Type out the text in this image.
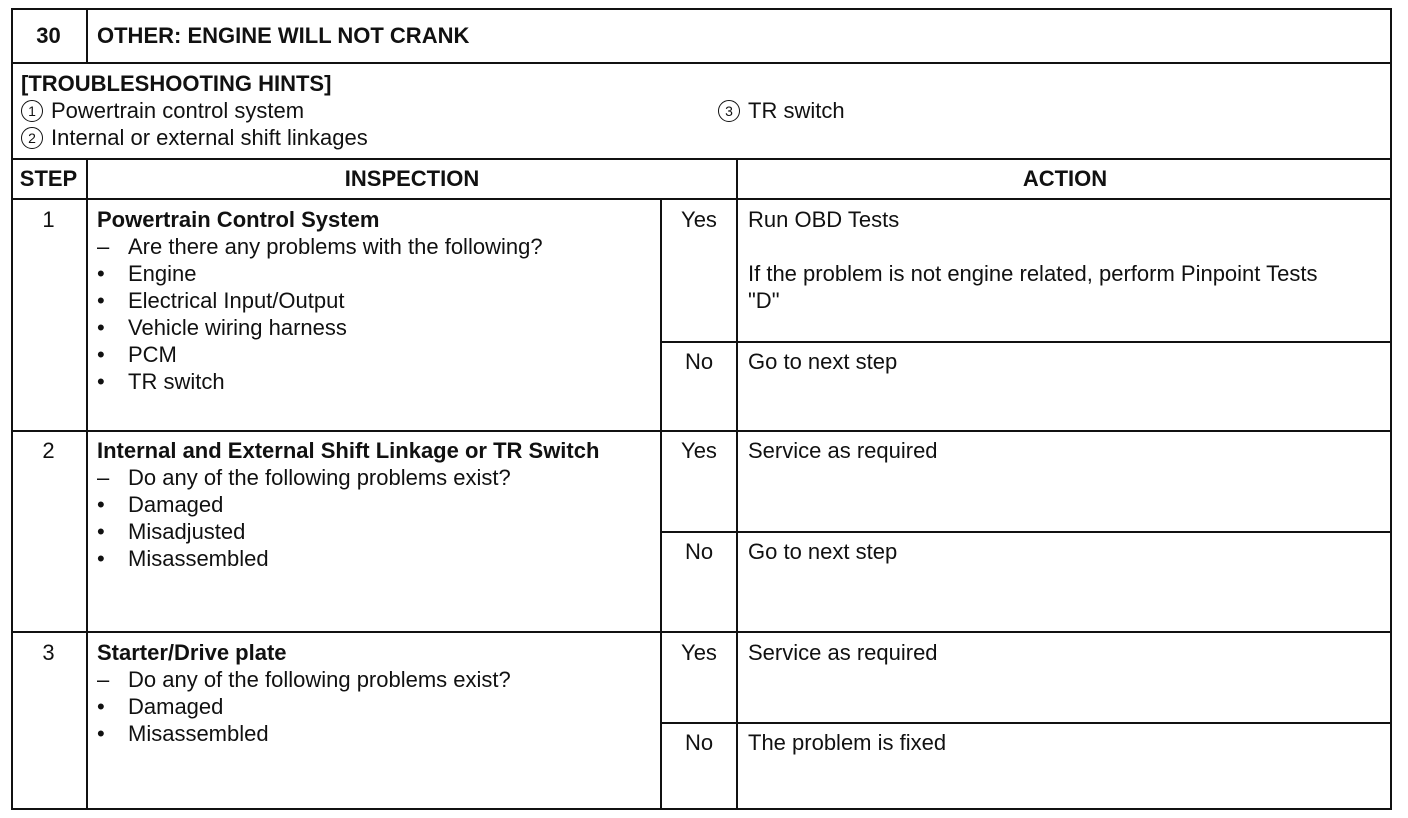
30	OTHER: ENGINE WILL NOT CRANK
[TROUBLESHOOTING HINTS]
1 Powertrain control system
2 Internal or external shift linkages
3 TR switch
STEP	INSPECTION	ACTION
1	Powertrain Control System
– Are there any problems with the following?
• Engine
• Electrical Input/Output
• Vehicle wiring harness
• PCM
• TR switch
Yes	Run OBD Tests
If the problem is not engine related, perform Pinpoint Tests
"D"
No	Go to next step
2	Internal and External Shift Linkage or TR Switch
– Do any of the following problems exist?
• Damaged
• Misadjusted
• Misassembled
Yes	Service as required
No	Go to next step
3	Starter/Drive plate
– Do any of the following problems exist?
• Damaged
• Misassembled
Yes	Service as required
No	The problem is fixed
